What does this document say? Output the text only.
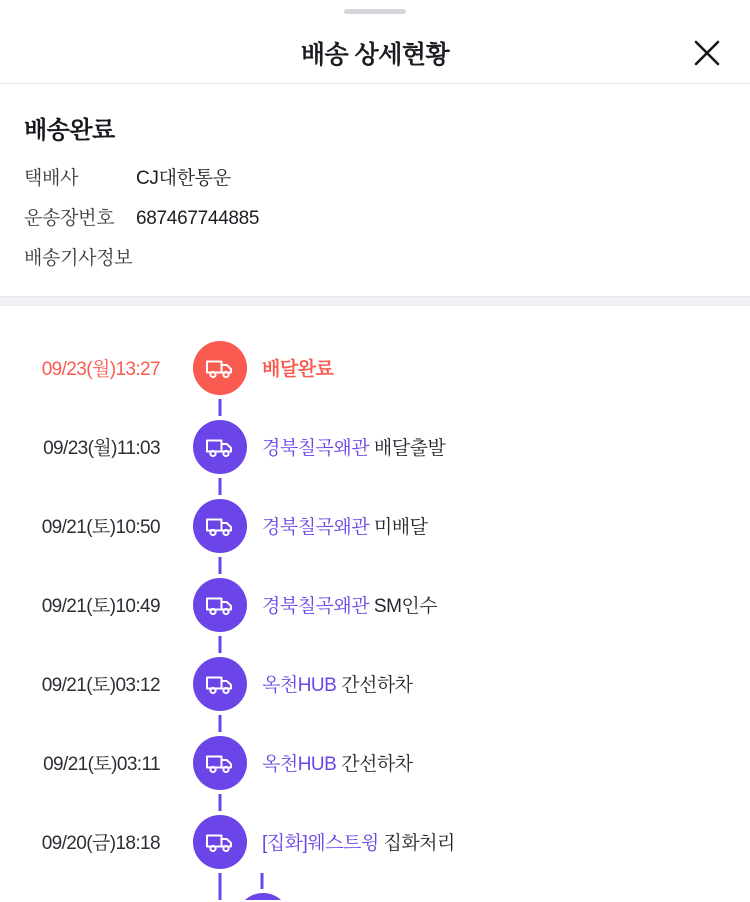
배송 상세현황
배송완료
택배사	CJ대한통운
운송장번호	687467744885
배송기사정보
09/23(월)13:27	배달완료
09/23(월)11:03	경북칠곡왜관 배달출발
09/21(토)10:50	경북칠곡왜관 미배달
09/21(토)10:49	경북칠곡왜관 SM인수
09/21(토)03:12	옥천HUB 간선하차
09/21(토)03:11	옥천HUB 간선하차
09/20(금)18:18	[집화]웨스트윙 집화처리
